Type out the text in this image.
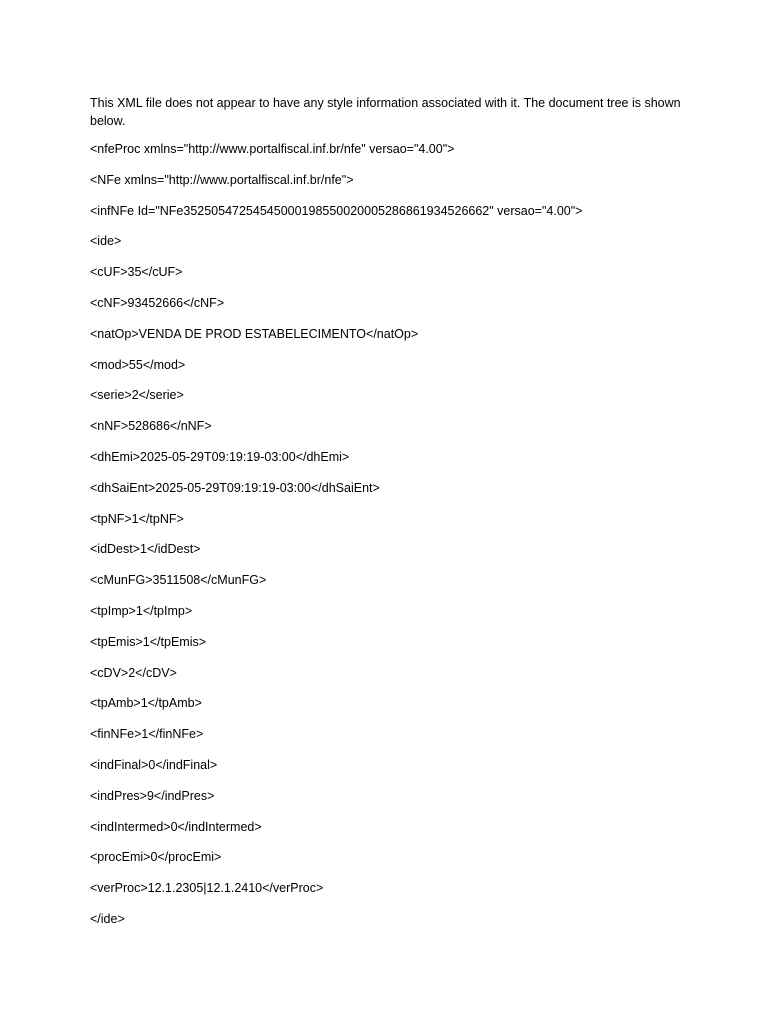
This XML file does not appear to have any style information associated with it. The document tree is shown below.

<nfeProc xmlns="http://www.portalfiscal.inf.br/nfe" versao="4.00">
<NFe xmlns="http://www.portalfiscal.inf.br/nfe">
<infNFe Id="NFe35250547254545000198550020005286861934526662" versao="4.00">
<ide>
<cUF>35</cUF>
<cNF>93452666</cNF>
<natOp>VENDA DE PROD ESTABELECIMENTO</natOp>
<mod>55</mod>
<serie>2</serie>
<nNF>528686</nNF>
<dhEmi>2025-05-29T09:19:19-03:00</dhEmi>
<dhSaiEnt>2025-05-29T09:19:19-03:00</dhSaiEnt>
<tpNF>1</tpNF>
<idDest>1</idDest>
<cMunFG>3511508</cMunFG>
<tpImp>1</tpImp>
<tpEmis>1</tpEmis>
<cDV>2</cDV>
<tpAmb>1</tpAmb>
<finNFe>1</finNFe>
<indFinal>0</indFinal>
<indPres>9</indPres>
<indIntermed>0</indIntermed>
<procEmi>0</procEmi>
<verProc>12.1.2305|12.1.2410</verProc>
</ide>
